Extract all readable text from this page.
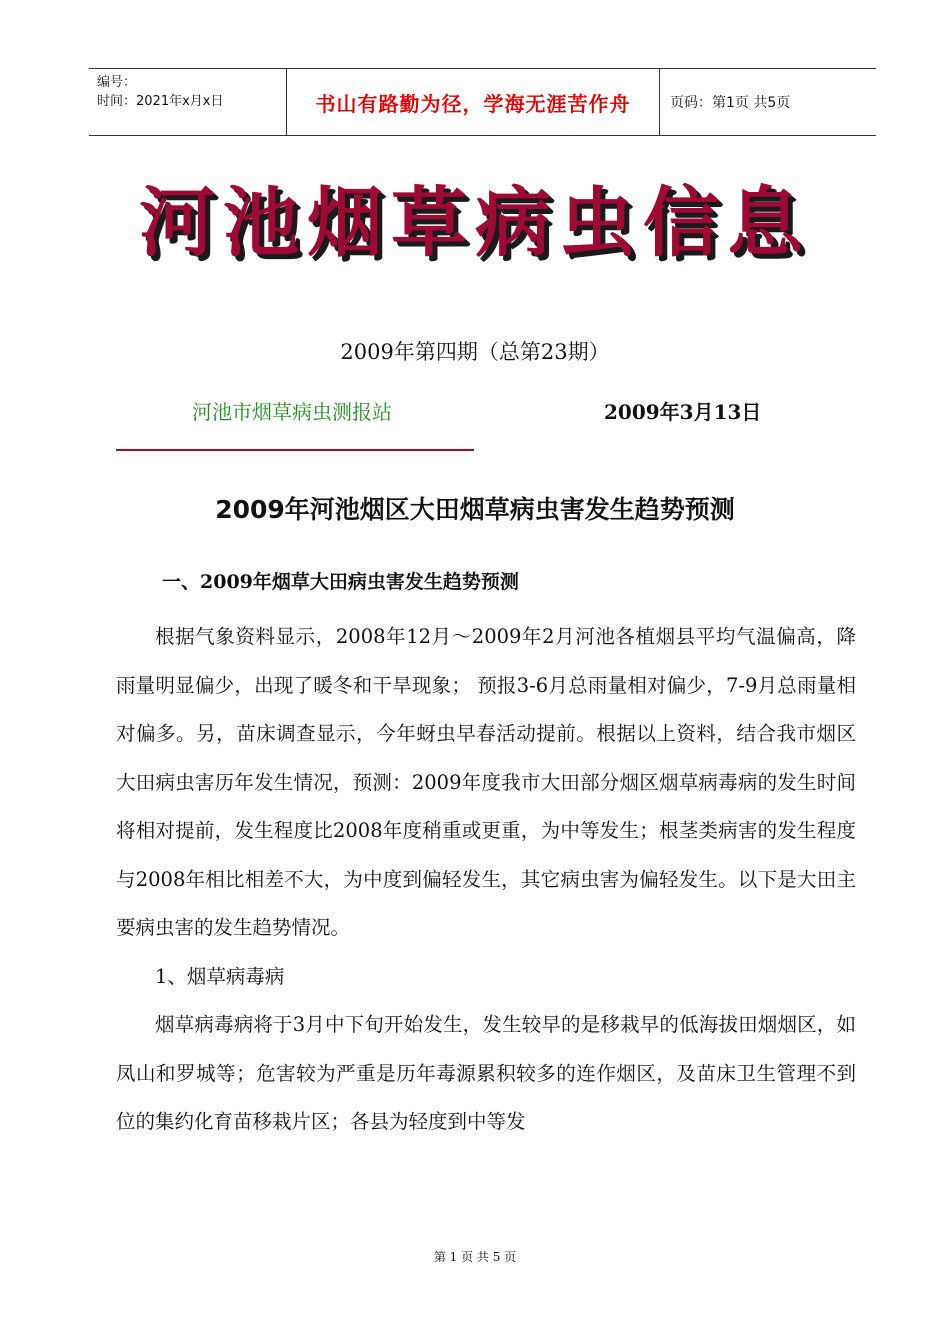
编号：
时间：2021年x月x日	书山有路勤为径，学海无涯苦作舟	页码：第1页 共5页
河池烟草病虫信息
2009年第四期（总第23期）
河池市烟草病虫测报站	2009年3月13日
2009年河池烟区大田烟草病虫害发生趋势预测
一、2009年烟草大田病虫害发生趋势预测

根据气象资料显示，2008年12月～2009年2月河池各植烟县平均气温偏高，降雨量明显偏少，出现了暖冬和干旱现象； 预报3-6月总雨量相对偏少，7-9月总雨量相对偏多。另，苗床调查显示，今年蚜虫早春活动提前。根据以上资料，结合我市烟区大田病虫害历年发生情况，预测：2009年度我市大田部分烟区烟草病毒病的发生时间将相对提前，发生程度比2008年度稍重或更重，为中等发生；根茎类病害的发生程度与2008年相比相差不大，为中度到偏轻发生，其它病虫害为偏轻发生。以下是大田主要病虫害的发生趋势情况。

1、烟草病毒病

烟草病毒病将于3月中下旬开始发生，发生较早的是移栽早的低海拔田烟烟区，如凤山和罗城等；危害较为严重是历年毒源累积较多的连作烟区，及苗床卫生管理不到位的集约化育苗移栽片区；各县为轻度到中等发

第 1 页 共 5 页
